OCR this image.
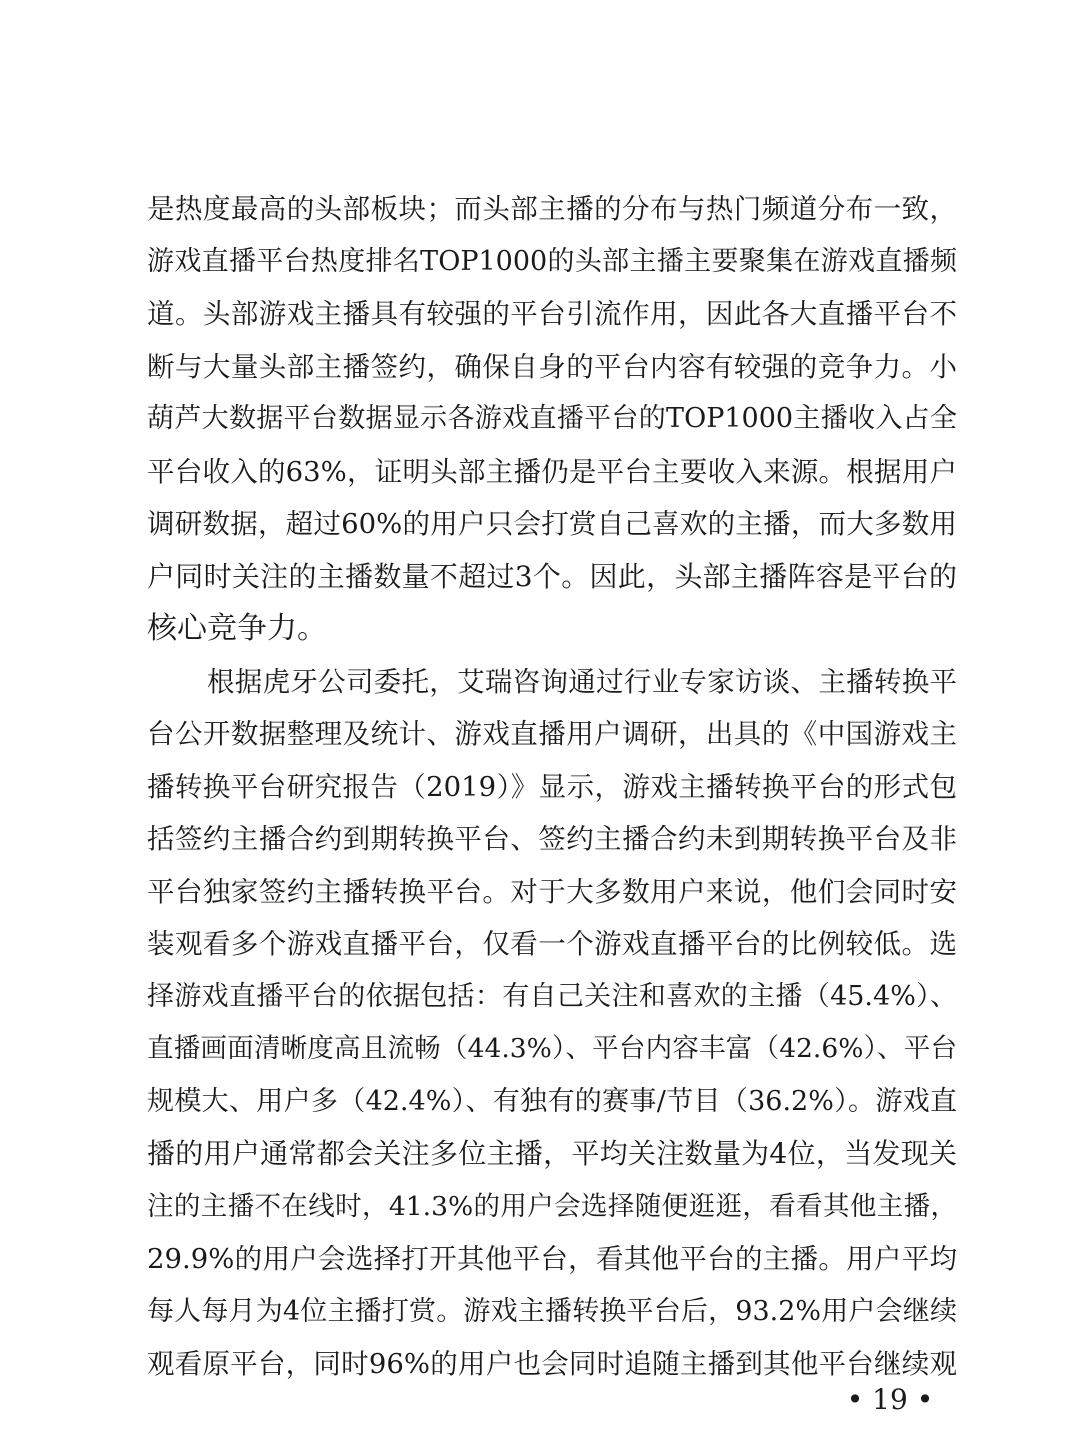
是热度最高的头部板块；而头部主播的分布与热门频道分布一致，
游戏直播平台热度排名TOP1000的头部主播主要聚集在游戏直播频
道。头部游戏主播具有较强的平台引流作用，因此各大直播平台不
断与大量头部主播签约，确保自身的平台内容有较强的竞争力。小
葫芦大数据平台数据显示各游戏直播平台的TOP1000主播收入占全
平台收入的63%，证明头部主播仍是平台主要收入来源。根据用户
调研数据，超过60%的用户只会打赏自己喜欢的主播，而大多数用
户同时关注的主播数量不超过3个。因此，头部主播阵容是平台的
核心竞争力。
根据虎牙公司委托，艾瑞咨询通过行业专家访谈、主播转换平
台公开数据整理及统计、游戏直播用户调研，出具的《中国游戏主
播转换平台研究报告（2019）》显示，游戏主播转换平台的形式包
括签约主播合约到期转换平台、签约主播合约未到期转换平台及非
平台独家签约主播转换平台。对于大多数用户来说，他们会同时安
装观看多个游戏直播平台，仅看一个游戏直播平台的比例较低。选
择游戏直播平台的依据包括：有自己关注和喜欢的主播（45.4%）、
直播画面清晰度高且流畅（44.3%）、平台内容丰富（42.6%）、平台
规模大、用户多（42.4%）、有独有的赛事/节目（36.2%）。游戏直
播的用户通常都会关注多位主播，平均关注数量为4位，当发现关
注的主播不在线时，41.3%的用户会选择随便逛逛，看看其他主播，
29.9%的用户会选择打开其他平台，看其他平台的主播。用户平均
每人每月为4位主播打赏。游戏主播转换平台后，93.2%用户会继续
观看原平台，同时96%的用户也会同时追随主播到其他平台继续观
• 19 •
